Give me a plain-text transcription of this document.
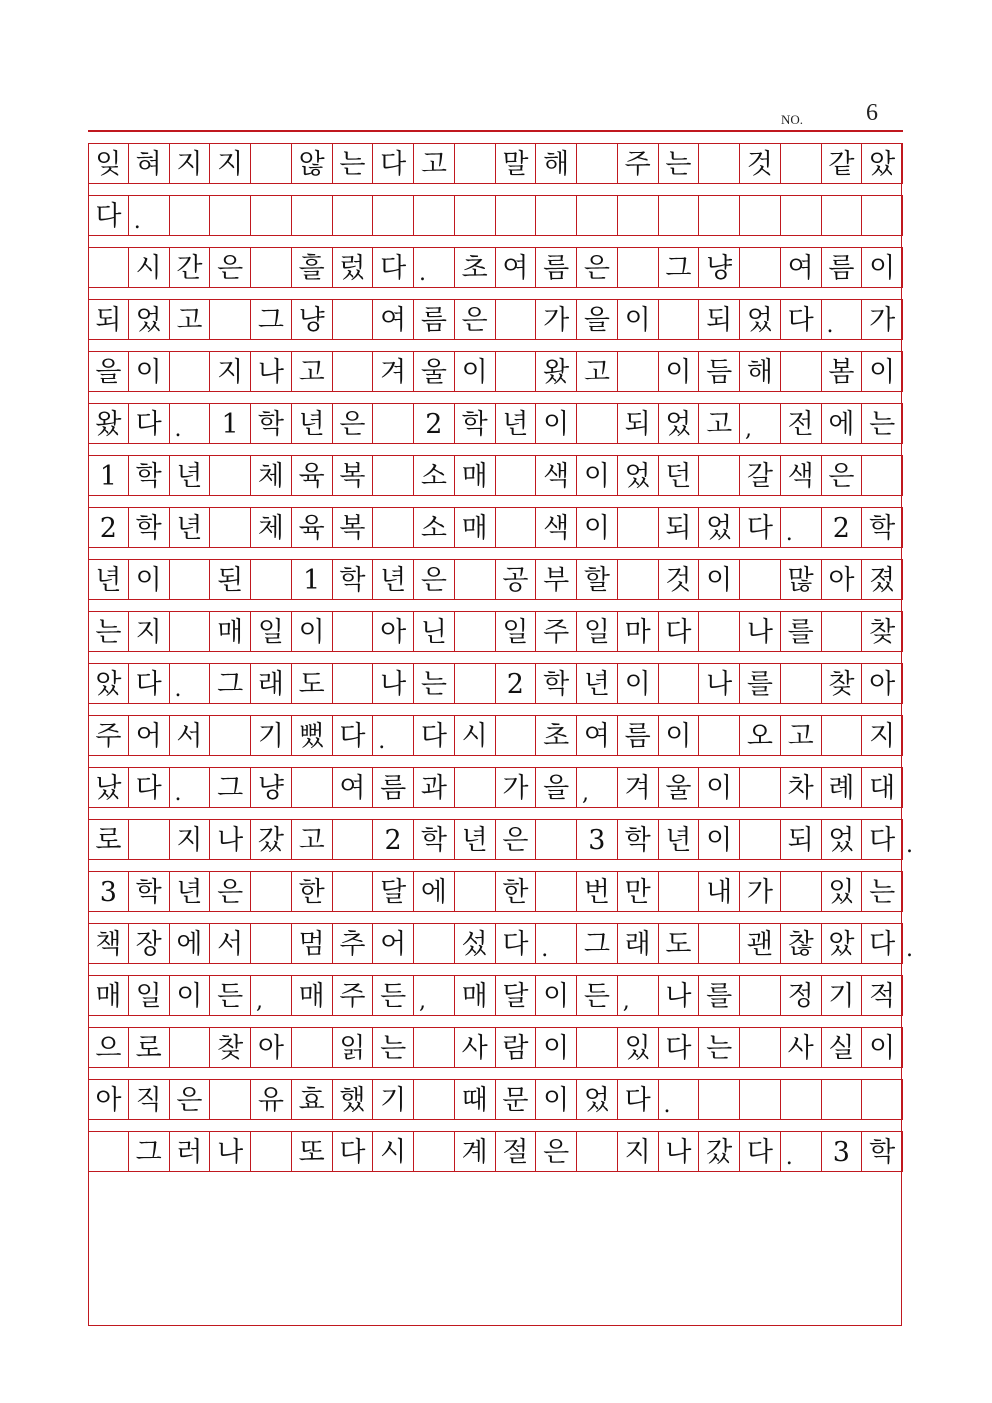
NO.	6
잊 혀 지 지 않 는 다 고 말 해 주 는 것 같 았
다 .
시 간 은 흘 렀 다 .	초 여 름 은 그 냥 여 름 이
되 었 고 그 냥 여 름 은 가 을 이 되 었 다 .	가
을 이 지 나 고 겨 울 이 왔 고 이 듬 해 봄 이
왔 다 .	1 학 년 은	2 학 년 이 되 었 고 ,	전 에 는
1 학 년 체 육 복 소 매 색 이 었 던 갈 색 은
2 학 년 체 육 복 소 매 색 이 되 었 다 .	2 학
년 이 된	1 학 년 은 공 부 할 것 이 많 아 졌
는 지 매 일 이 아 닌 일 주 일 마 다 나 를 찾
았 다 .	그 래 도 나 는	2 학 년 이 나 를 찾 아
주 어 서 기 뻤 다 .	다 시 초 여 름 이 오 고 지
났 다 .	그 냥 여 름 과 가 을 ,	겨 울 이 차 례 대
로 지 나 갔 고	2 학 년 은	3 학 년 이 되 었 다
3 학 년 은 한 달 에 한 번 만 내 가 있 는
책 장 에 서 멈 추 어 섰 다 .	그 래 도 괜 찮 았 다
매 일 이 든 ,	매 주 든 ,	매 달 이 든 ,	나 를 정 기 적
으 로 찾 아 읽 는 사 람 이 있 다 는 사 실 이
아 직 은 유 효 했 기 때 문 이 었 다 .
그 러 나 또 다 시 계 절 은 지 나 갔 다 .	3 학
.
.
